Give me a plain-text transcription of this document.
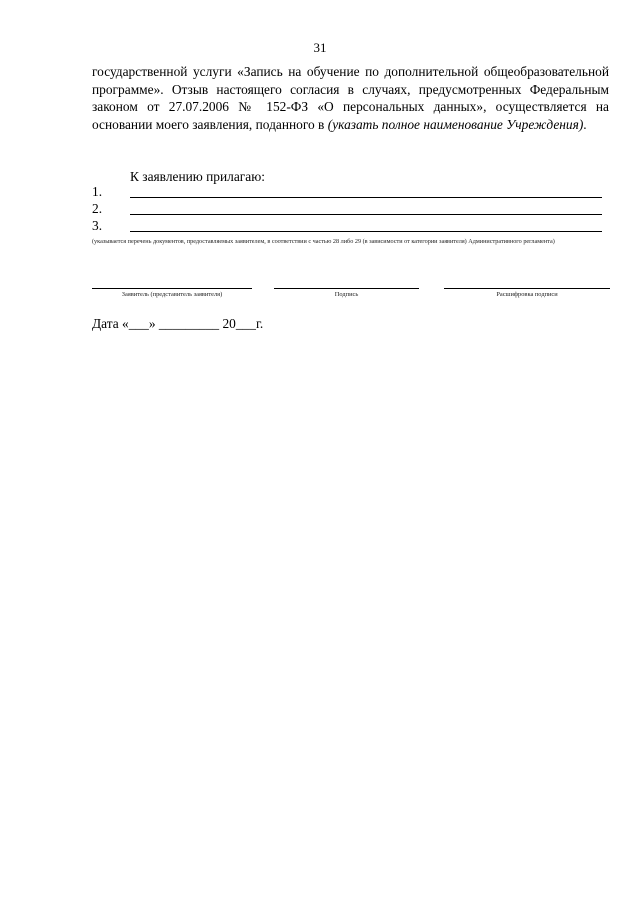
31

государственной услуги «Запись на обучение по дополнительной общеобразовательной программе». Отзыв настоящего согласия в случаях, предусмотренных Федеральным законом от 27.07.2006 № 152-ФЗ «О персональных данных», осуществляется на основании моего заявления, поданного в (указать полное наименование Учреждения).

К заявлению прилагаю:
1.
2.
3.
(указывается перечень документов, предоставляемых заявителем, в соответствии с частью 28 либо 29 (в зависимости от категории заявителя) Административного регламента)
Заявитель (представитель заявителя)	Подпись	Расшифровка подписи
Дата «___» _________ 20___г.
